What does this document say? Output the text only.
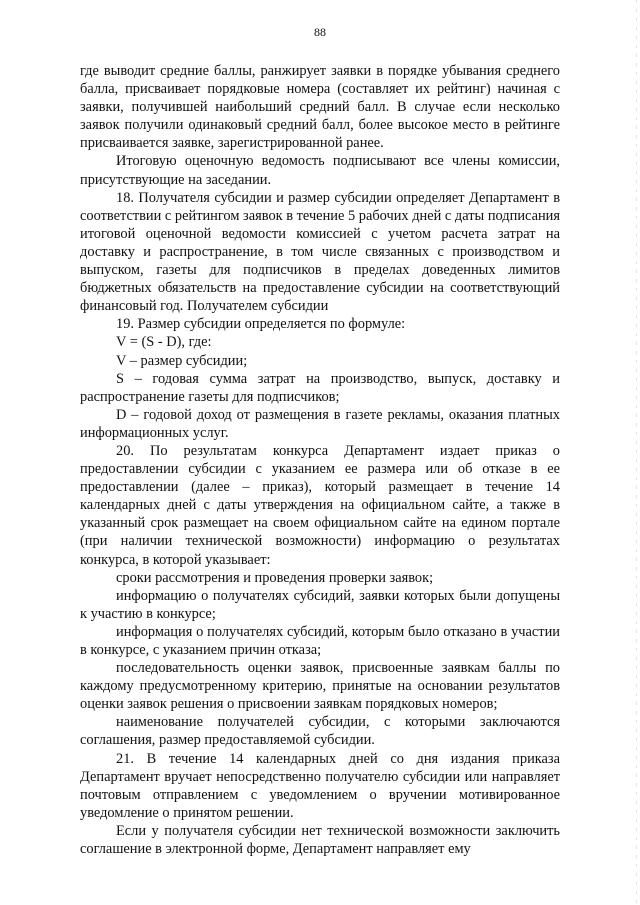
88

где выводит средние баллы, ранжирует заявки в порядке убывания среднего балла, присваивает порядковые номера (составляет их рейтинг) начиная с заявки, получившей наибольший средний балл. В случае если несколько заявок получили одинаковый средний балл, более высокое место в рейтинге присваивается заявке, зарегистрированной ранее.

Итоговую оценочную ведомость подписывают все члены комиссии, присутствующие на заседании.

18. Получателя субсидии и размер субсидии определяет Департамент в соответствии с рейтингом заявок в течение 5 рабочих дней с даты подписания итоговой оценочной ведомости комиссией с учетом расчета затрат на доставку и распространение, в том числе связанных с производством и выпуском, газеты для подписчиков в пределах доведенных лимитов бюджетных обязательств на предоставление субсидии на соответствующий финансовый год. Получателем субсидии

19. Размер субсидии определяется по формуле:

V = (S - D), где:

V – размер субсидии;

S – годовая сумма затрат на производство, выпуск, доставку и распространение газеты для подписчиков;

D – годовой доход от размещения в газете рекламы, оказания платных информационных услуг.

20. По результатам конкурса Департамент издает приказ о предоставлении субсидии с указанием ее размера или об отказе в ее предоставлении (далее – приказ), который размещает в течение 14 календарных дней с даты утверждения на официальном сайте, а также в указанный срок размещает на своем официальном сайте на едином портале (при наличии технической возможности) информацию о результатах конкурса, в которой указывает:

сроки рассмотрения и проведения проверки заявок;

информацию о получателях субсидий, заявки которых были допущены к участию в конкурсе;

информация о получателях субсидий, которым было отказано в участии в конкурсе, с указанием причин отказа;

последовательность оценки заявок, присвоенные заявкам баллы по каждому предусмотренному критерию, принятые на основании результатов оценки заявок решения о присвоении заявкам порядковых номеров;

наименование получателей субсидии, с которыми заключаются соглашения, размер предоставляемой субсидии.

21. В течение 14 календарных дней со дня издания приказа Департамент вручает непосредственно получателю субсидии или направляет почтовым отправлением с уведомлением о вручении мотивированное уведомление о принятом решении.

Если у получателя субсидии нет технической возможности заключить соглашение в электронной форме, Департамент направляет ему
